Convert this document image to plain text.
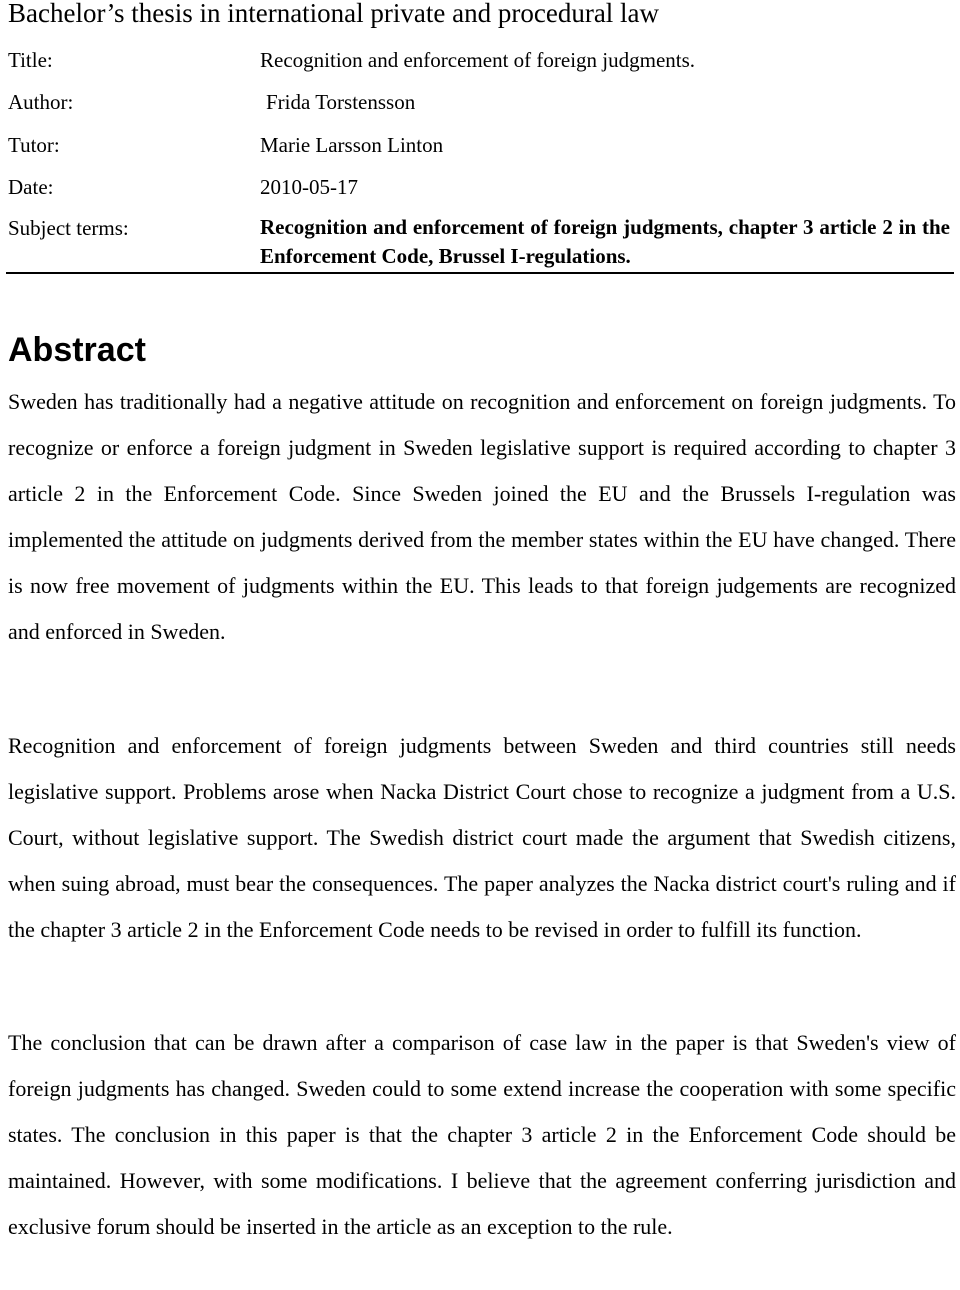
Bachelor’s thesis in international private and procedural law
Title:	Recognition and enforcement of foreign judgments.
Author:	Frida Torstensson
Tutor:	Marie Larsson Linton
Date:	2010-05-17
Subject terms:	Recognition and enforcement of foreign judgments, chapter 3 article 2 in the Enforcement Code, Brussel I-regulations.
Abstract

Sweden has traditionally had a negative attitude on recognition and enforcement on foreign judgments. To recognize or enforce a foreign judgment in Sweden legislative support is required according to chapter 3 article 2 in the Enforcement Code. Since Sweden joined the EU and the Brussels I-regulation was implemented the attitude on judgments derived from the member states within the EU have changed. There is now free movement of judgments within the EU. This leads to that foreign judgements are recognized and enforced in Sweden.

Recognition and enforcement of foreign judgments between Sweden and third countries still needs legislative support. Problems arose when Nacka District Court chose to recognize a judgment from a U.S. Court, without legislative support. The Swedish district court made the argument that Swedish citizens, when suing abroad, must bear the consequences. The paper analyzes the Nacka district court's ruling and if the chapter 3 article 2 in the Enforcement Code needs to be revised in order to fulfill its function.

The conclusion that can be drawn after a comparison of case law in the paper is that Sweden's view of foreign judgments has changed. Sweden could to some extend increase the cooperation with some specific states. The conclusion in this paper is that the chapter 3 article 2 in the Enforcement Code should be maintained. However, with some modifications. I believe that the agreement conferring jurisdiction and exclusive forum should be inserted in the article as an exception to the rule.
